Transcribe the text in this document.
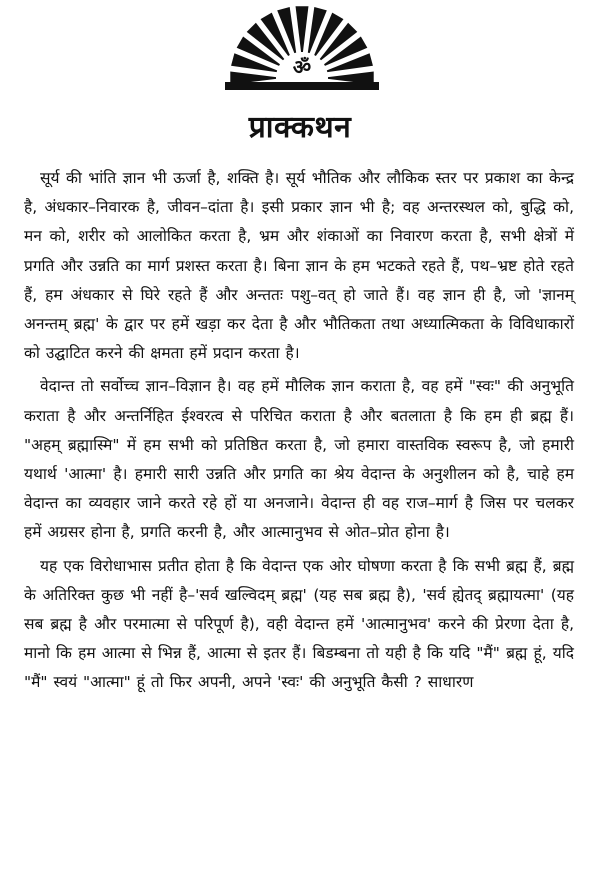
ॐ
प्राक्कथन

सूर्य की भांति ज्ञान भी ऊर्जा है, शक्ति है। सूर्य भौतिक और लौकिक स्तर पर प्रकाश का केन्द्र है, अंधकार–निवारक है, जीवन–दांता है। इसी प्रकार ज्ञान भी है; वह अन्तरस्थल को, बुद्धि को, मन को, शरीर को आलोकित करता है, भ्रम और शंकाओं का निवारण करता है, सभी क्षेत्रों में प्रगति और उन्नति का मार्ग प्रशस्त करता है। बिना ज्ञान के हम भटकते रहते हैं, पथ–भ्रष्ट होते रहते हैं, हम अंधकार से घिरे रहते हैं और अन्ततः पशु–वत् हो जाते हैं। वह ज्ञान ही है, जो 'ज्ञानम् अनन्तम् ब्रह्म' के द्वार पर हमें खड़ा कर देता है और भौतिकता तथा अध्यात्मिकता के विविधाकारों को उद्घाटित करने की क्षमता हमें प्रदान करता है।

वेदान्त तो सर्वोच्च ज्ञान–विज्ञान है। वह हमें मौलिक ज्ञान कराता है, वह हमें "स्वः" की अनुभूति कराता है और अन्तर्निहित ईश्वरत्व से परिचित कराता है और बतलाता है कि हम ही ब्रह्म हैं। "अहम् ब्रह्मास्मि" में हम सभी को प्रतिष्ठित करता है, जो हमारा वास्तविक स्वरूप है, जो हमारी यथार्थ 'आत्मा' है। हमारी सारी उन्नति और प्रगति का श्रेय वेदान्त के अनुशीलन को है, चाहे हम वेदान्त का व्यवहार जाने करते रहे हों या अनजाने। वेदान्त ही वह राज–मार्ग है जिस पर चलकर हमें अग्रसर होना है, प्रगति करनी है, और आत्मानुभव से ओत–प्रोत होना है।

यह एक विरोधाभास प्रतीत होता है कि वेदान्त एक ओर घोषणा करता है कि सभी ब्रह्म हैं, ब्रह्म के अतिरिक्त कुछ भी नहीं है–'सर्व खल्विदम् ब्रह्म' (यह सब ब्रह्म है), 'सर्व ह्येतद् ब्रह्मायत्मा' (यह सब ब्रह्म है और परमात्मा से परिपूर्ण है), वही वेदान्त हमें 'आत्मानुभव' करने की प्रेरणा देता है, मानो कि हम आत्मा से भिन्न हैं, आत्मा से इतर हैं। बिडम्बना तो यही है कि यदि "मैं" ब्रह्म हूं, यदि "मैं" स्वयं "आत्मा" हूं तो फिर अपनी, अपने 'स्वः' की अनुभूति कैसी ? साधारण
